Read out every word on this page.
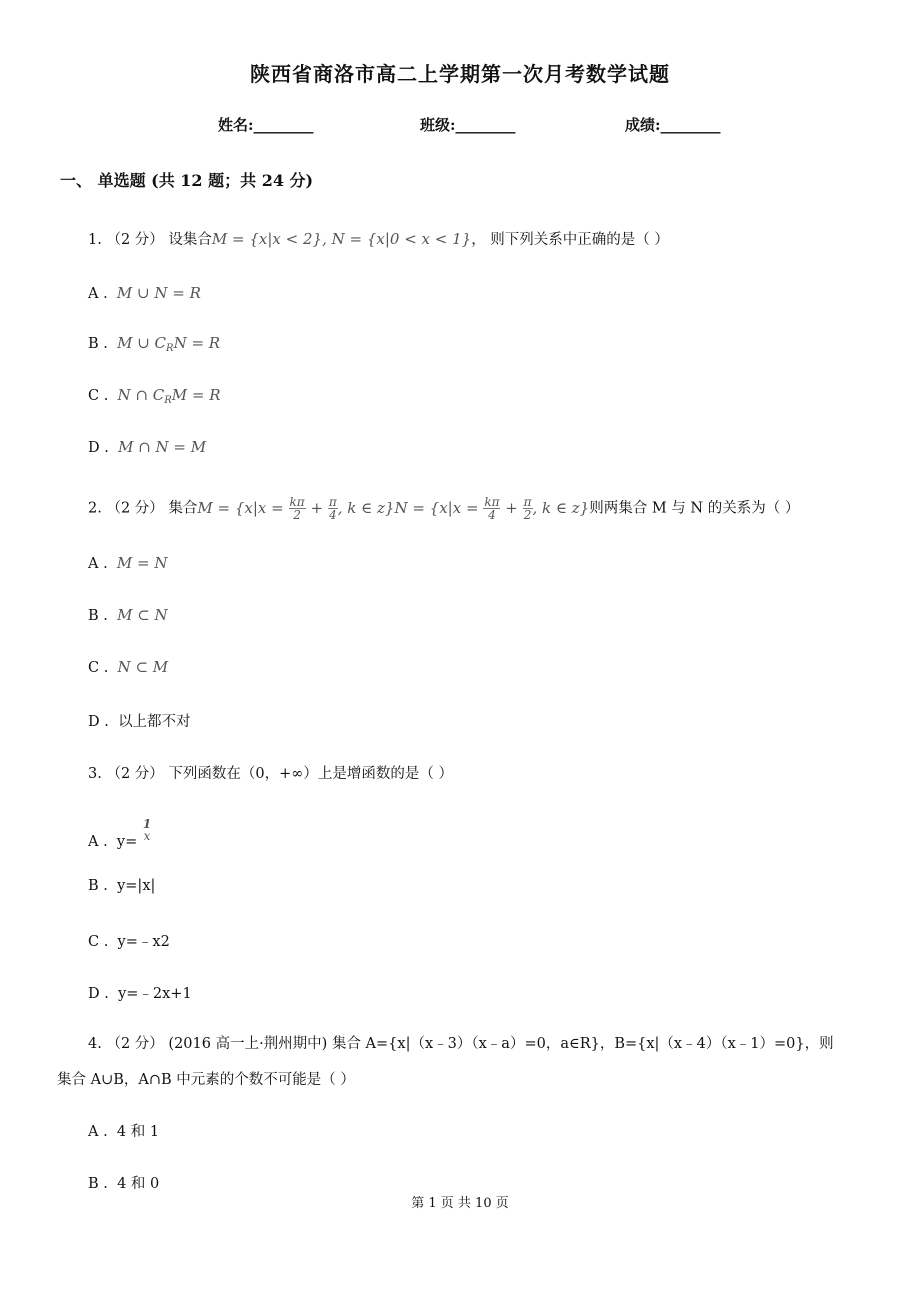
陕西省商洛市高二上学期第一次月考数学试题
姓名:________	班级:________	成绩:________
一、 单选题 (共 12 题；共 24 分)
1. （2 分） 设集合M = {x|x < 2}, N = {x|0 < x < 1}， 则下列关系中正确的是（ ）
A . M ∪ N = R
B . M ∪ $C_RN = R$
C . N ∩ $C_RM = R$
D . M ∩ N = M
2. （2 分） 集合$M = \{x|x = \frac{k\pi}{2} + \frac{\pi}{4}$ , k ∈ $z\}N = \{x|x = \frac{k\pi}{4} + \frac{\pi}{2}$ , k ∈ z}则两集合 M 与 N 的关系为（ ）
A . M = N
B . M ⊂ N
C . N ⊂ M
D . 以上都不对
3. （2 分） 下列函数在（0，+∞）上是增函数的是（ ）
A . y=
1
x
B . y=|x|
C . y=﹣x2
D . y=﹣2x+1
4. （2 分） (2016 高一上·荆州期中) 集合 A={x|（x﹣3）（x﹣a）=0，a∈R}，B={x|（x﹣4）（x﹣1）=0}，则
集合 A∪B，A∩B 中元素的个数不可能是（ ）
A . 4 和 1
B . 4 和 0
第 1 页 共 10 页
